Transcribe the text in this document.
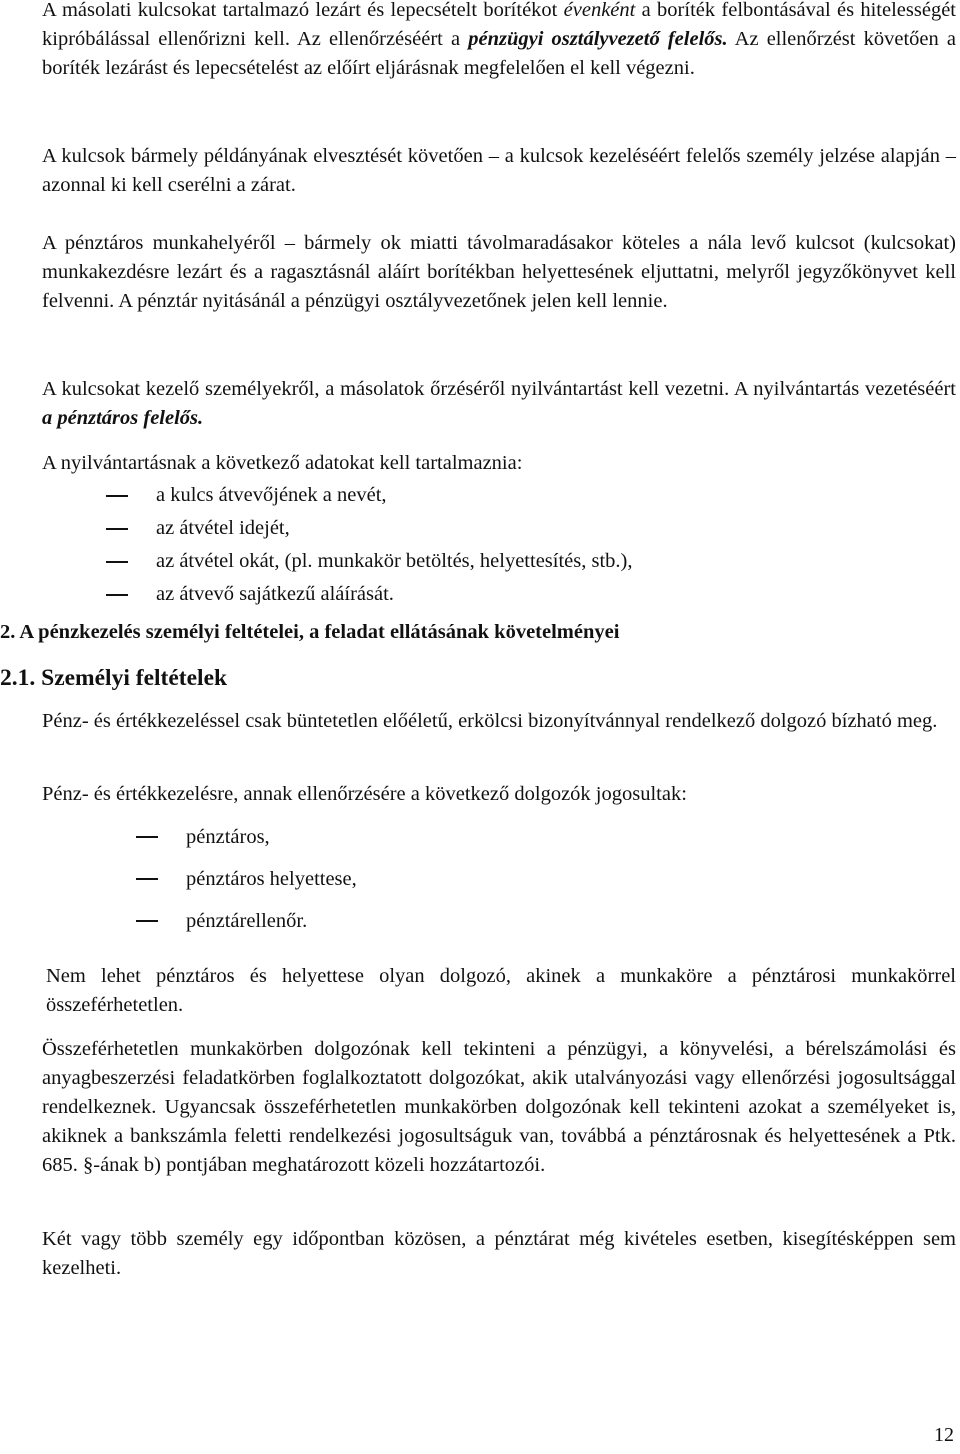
A másolati kulcsokat tartalmazó lezárt és lepecsételt borítékot évenként a boríték felbontásával és hitelességét kipróbálással ellenőrizni kell. Az ellenőrzéséért a pénzügyi osztályvezető felelős. Az ellenőrzést követően a boríték lezárást és lepecsételést az előírt eljárásnak megfelelően el kell végezni.
A kulcsok bármely példányának elvesztését követően – a kulcsok kezeléséért felelős személy jelzése alapján – azonnal ki kell cserélni a zárat.
A pénztáros munkahelyéről – bármely ok miatti távolmaradásakor köteles a nála levő kulcsot (kulcsokat) munkakezdésre lezárt és a ragasztásnál aláírt borítékban helyettesének eljuttatni, melyről jegyzőkönyvet kell felvenni. A pénztár nyitásánál a pénzügyi osztályvezetőnek jelen kell lennie.
A kulcsokat kezelő személyekről, a másolatok őrzéséről nyilvántartást kell vezetni. A nyilvántartás vezetéséért a pénztáros felelős.
A nyilvántartásnak a következő adatokat kell tartalmaznia:
a kulcs átvevőjének a nevét,
az átvétel idejét,
az átvétel okát, (pl. munkakör betöltés, helyettesítés, stb.),
az átvevő sajátkezű aláírását.
2. A pénzkezelés személyi feltételei, a feladat ellátásának követelményei
2.1. Személyi feltételek
Pénz- és értékkezeléssel csak büntetetlen előéletű, erkölcsi bizonyítvánnyal rendelkező dolgozó bízható meg.
Pénz- és értékkezelésre, annak ellenőrzésére a következő dolgozók jogosultak:
pénztáros,
pénztáros helyettese,
pénztárellenőr.
Nem lehet pénztáros és helyettese olyan dolgozó, akinek a munkaköre a pénztárosi munkakörrel összeférhetetlen.
Összeférhetetlen munkakörben dolgozónak kell tekinteni a pénzügyi, a könyvelési, a bérelszámolási és anyagbeszerzési feladatkörben foglalkoztatott dolgozókat, akik utalványozási vagy ellenőrzési jogosultsággal rendelkeznek. Ugyancsak összeférhetetlen munkakörben dolgozónak kell tekinteni azokat a személyeket is, akiknek a bankszámla feletti rendelkezési jogosultságuk van, továbbá a pénztárosnak és helyettesének a Ptk. 685. §-ának b) pontjában meghatározott közeli hozzátartozói.
Két vagy több személy egy időpontban közösen, a pénztárat még kivételes esetben, kisegítésképpen sem kezelheti.
12
